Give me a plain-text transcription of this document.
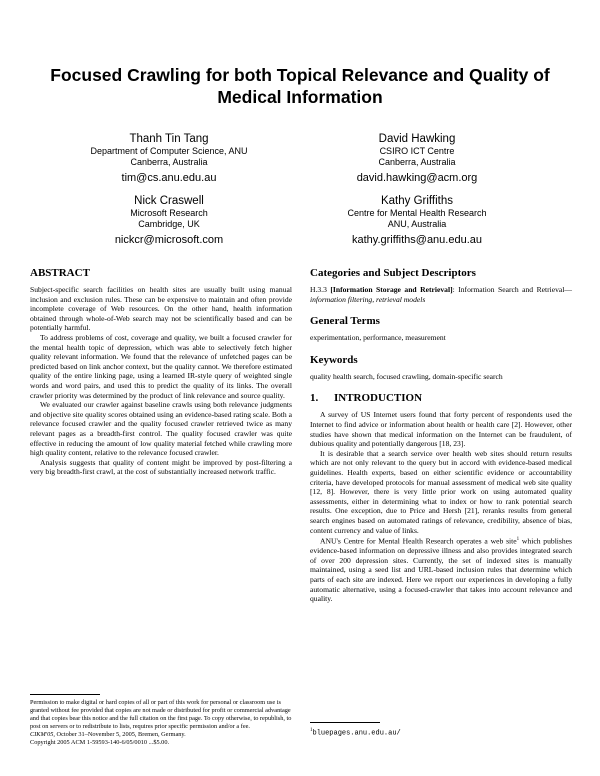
Focused Crawling for both Topical Relevance and Quality of Medical Information
Thanh Tin Tang
Department of Computer Science, ANU
Canberra, Australia
tim@cs.anu.edu.au
David Hawking
CSIRO ICT Centre
Canberra, Australia
david.hawking@acm.org
Nick Craswell
Microsoft Research
Cambridge, UK
nickcr@microsoft.com
Kathy Griffiths
Centre for Mental Health Research
ANU, Australia
kathy.griffiths@anu.edu.au
ABSTRACT

Subject-specific search facilities on health sites are usually built using manual inclusion and exclusion rules. These can be expensive to maintain and often provide incomplete coverage of Web resources. On the other hand, health information obtained through whole-of-Web search may not be scientifically based and can be potentially harmful.

To address problems of cost, coverage and quality, we built a focused crawler for the mental health topic of depression, which was able to selectively fetch higher quality relevant information. We found that the relevance of unfetched pages can be predicted based on link anchor context, but the quality cannot. We therefore estimated quality of the entire linking page, using a learned IR-style query of weighted single words and word pairs, and used this to predict the quality of its links. The overall crawler priority was determined by the product of link relevance and source quality.

We evaluated our crawler against baseline crawls using both relevance judgments and objective site quality scores obtained using an evidence-based rating scale. Both a relevance focused crawler and the quality focused crawler retrieved twice as many relevant pages as a breadth-first control. The quality focused crawler was quite effective in reducing the amount of low quality material fetched while crawling more high quality content, relative to the relevance focused crawler.

Analysis suggests that quality of content might be improved by post-filtering a very big breadth-first crawl, at the cost of substantially increased network traffic.

Permission to make digital or hard copies of all or part of this work for personal or classroom use is granted without fee provided that copies are not made or distributed for profit or commercial advantage and that copies bear this notice and the full citation on the first page. To copy otherwise, to republish, to post on servers or to redistribute to lists, requires prior specific permission and/or a fee.
CIKM'05, October 31–November 5, 2005, Bremen, Germany.
Copyright 2005 ACM 1-59593-140-6/05/0010 ...$5.00.
Categories and Subject Descriptors

H.3.3 [Information Storage and Retrieval]: Information Search and Retrieval—information filtering, retrieval models

General Terms

experimentation, performance, measurement

Keywords

quality health search, focused crawling, domain-specific search

1. INTRODUCTION

A survey of US Internet users found that forty percent of respondents used the Internet to find advice or information about health or health care [2]. However, other studies have shown that medical information on the Internet can be fraudulent, of dubious quality and potentially dangerous [18, 23].

It is desirable that a search service over health web sites should return results which are not only relevant to the query but in accord with evidence-based medical guidelines. Health experts, based on either scientific evidence or accountability criteria, have developed protocols for manual assessment of medical web site quality [12, 8]. However, there is very little prior work on using automated quality assessments, either in determining what to index or how to rank potential search results. One exception, due to Price and Hersh [21], reranks results from general search engines based on automated ratings of relevance, credibility, absence of bias, content currency and value of links.

ANU's Centre for Mental Health Research operates a web site$^1$ which publishes evidence-based information on depressive illness and also provides integrated search of over 200 depression sites. Currently, the set of indexed sites is manually maintained, using a seed list and URL-based inclusion rules that determine which parts of each site are indexed. Here we report our experiences in developing a fully automatic alternative, using a focused-crawler that takes into account relevance and quality.

$^1$bluepages.anu.edu.au/
